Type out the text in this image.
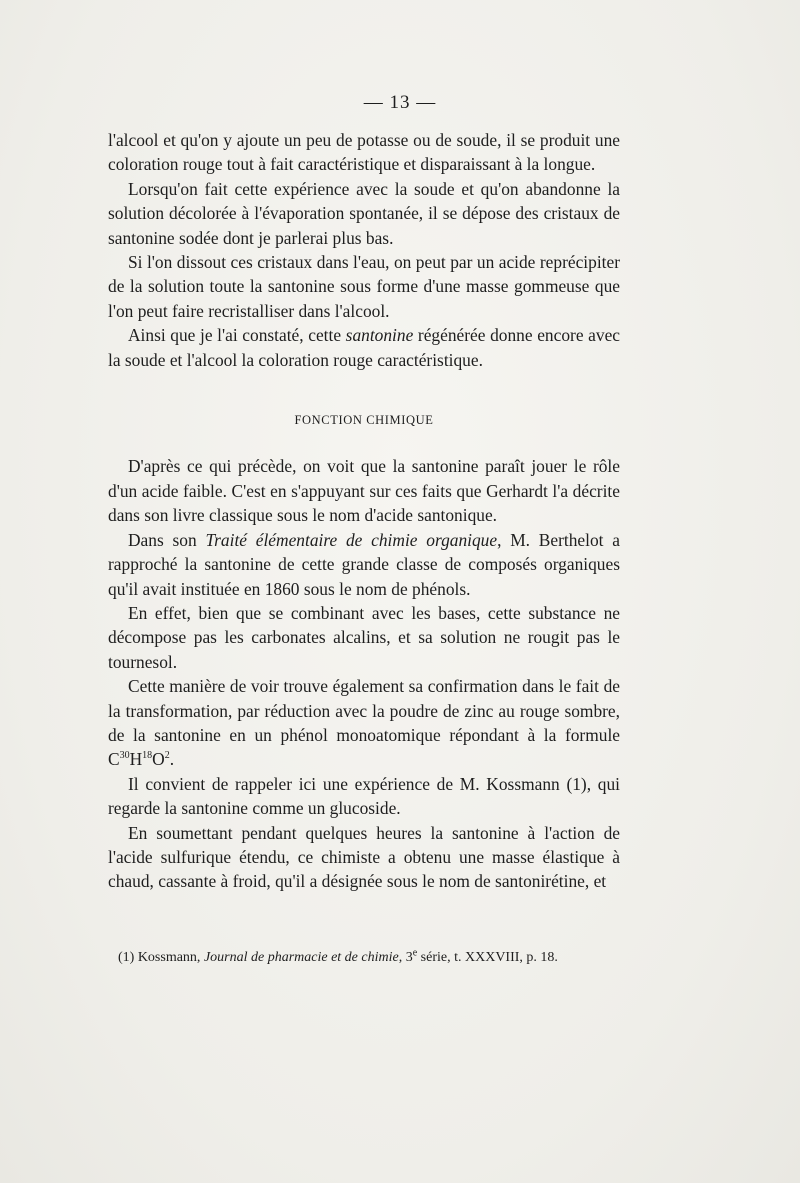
— 13 —

l'alcool et qu'on y ajoute un peu de potasse ou de soude, il se produit une coloration rouge tout à fait caractéristique et disparaissant à la longue.

Lorsqu'on fait cette expérience avec la soude et qu'on abandonne la solution décolorée à l'évaporation spontanée, il se dépose des cristaux de santonine sodée dont je parlerai plus bas.

Si l'on dissout ces cristaux dans l'eau, on peut par un acide reprécipiter de la solution toute la santonine sous forme d'une masse gommeuse que l'on peut faire recristalliser dans l'alcool.

Ainsi que je l'ai constaté, cette santonine régénérée donne encore avec la soude et l'alcool la coloration rouge caractéristique.

FONCTION CHIMIQUE

D'après ce qui précède, on voit que la santonine paraît jouer le rôle d'un acide faible. C'est en s'appuyant sur ces faits que Gerhardt l'a décrite dans son livre classique sous le nom d'acide santonique.

Dans son Traité élémentaire de chimie organique, M. Berthelot a rapproché la santonine de cette grande classe de composés organiques qu'il avait instituée en 1860 sous le nom de phénols.

En effet, bien que se combinant avec les bases, cette substance ne décompose pas les carbonates alcalins, et sa solution ne rougit pas le tournesol.

Cette manière de voir trouve également sa confirmation dans le fait de la transformation, par réduction avec la poudre de zinc au rouge sombre, de la santonine en un phénol monoatomique répondant à la formule $C^{30}H^{18}O^2$.

Il convient de rappeler ici une expérience de M. Kossmann (1), qui regarde la santonine comme un glucoside.

En soumettant pendant quelques heures la santonine à l'action de l'acide sulfurique étendu, ce chimiste a obtenu une masse élastique à chaud, cassante à froid, qu'il a désignée sous le nom de santonirétine, et

(1) Kossmann, Journal de pharmacie et de chimie, 3e série, t. XXXVIII, p. 18.
